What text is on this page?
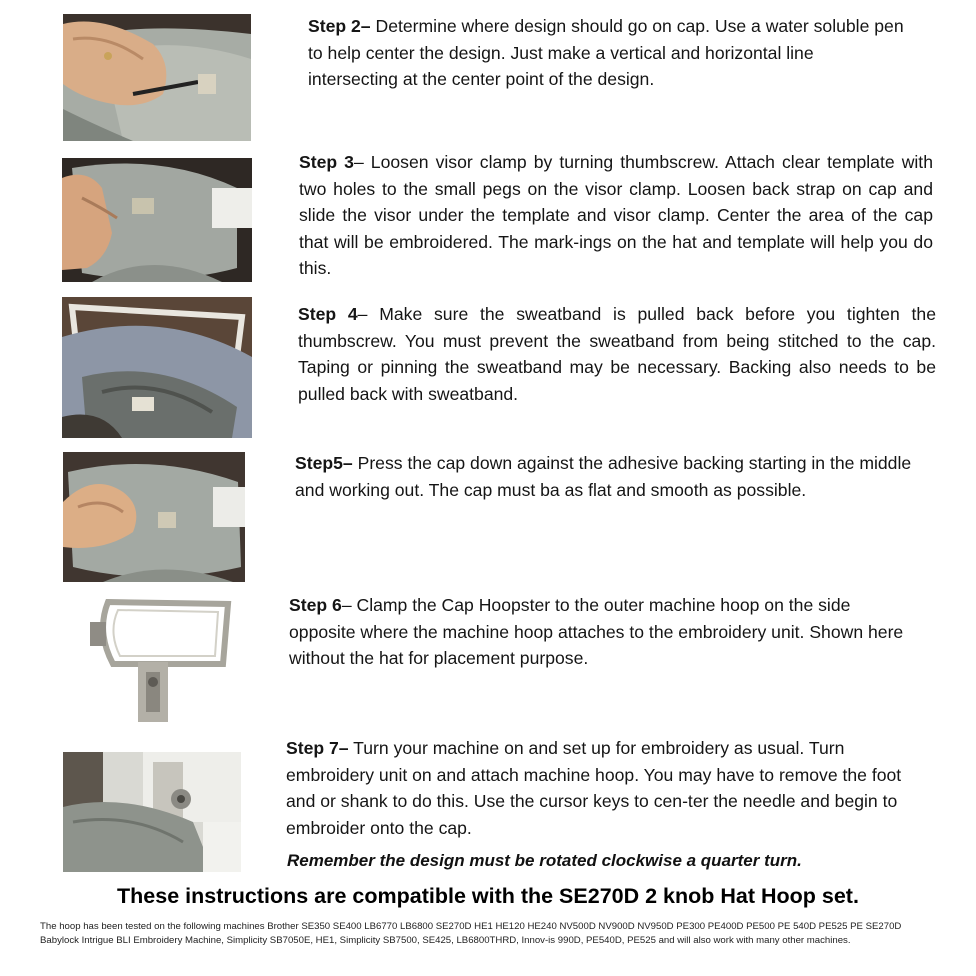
Step 2– Determine where design should go on cap. Use a water soluble pen to help center the design. Just make a vertical and horizontal line intersecting at the center point of the design.
Step 3– Loosen visor clamp by turning thumbscrew. Attach clear template with two holes to the small pegs on the visor clamp. Loosen back strap on cap and slide the visor under the template and visor clamp. Center the area of the cap that will be embroidered. The mark-ings on the hat and template will help you do this.
Step 4– Make sure the sweatband is pulled back before you tighten the thumbscrew. You must prevent the sweatband from being stitched to the cap. Taping or pinning the sweatband may be necessary. Backing also needs to be pulled back with sweatband.
Step5– Press the cap down against the adhesive backing starting in the middle and working out. The cap must ba as flat and smooth as possible.
Step 6– Clamp the Cap Hoopster to the outer machine hoop on the side opposite where the machine hoop attaches to the embroidery unit. Shown here without the hat for placement purpose.
Step 7– Turn your machine on and set up for embroidery as usual. Turn embroidery unit on and attach machine hoop. You may have to remove the foot and or shank to do this. Use the cursor keys to cen-ter the needle and begin to embroider onto the cap.
Remember the design must be rotated clockwise a quarter turn.
These instructions are compatible with the SE270D 2 knob Hat Hoop set.
The hoop has been tested on the following machines Brother SE350 SE400 LB6770 LB6800 SE270D HE1 HE120 HE240 NV500D NV900D NV950D PE300 PE400D PE500 PE 540D PE525 PE SE270D Babylock Intrigue BLI Embroidery Machine, Simplicity SB7050E, HE1, Simplicity SB7500, SE425, LB6800THRD, Innov-is 990D, PE540D, PE525 and will also work with many other machines.
